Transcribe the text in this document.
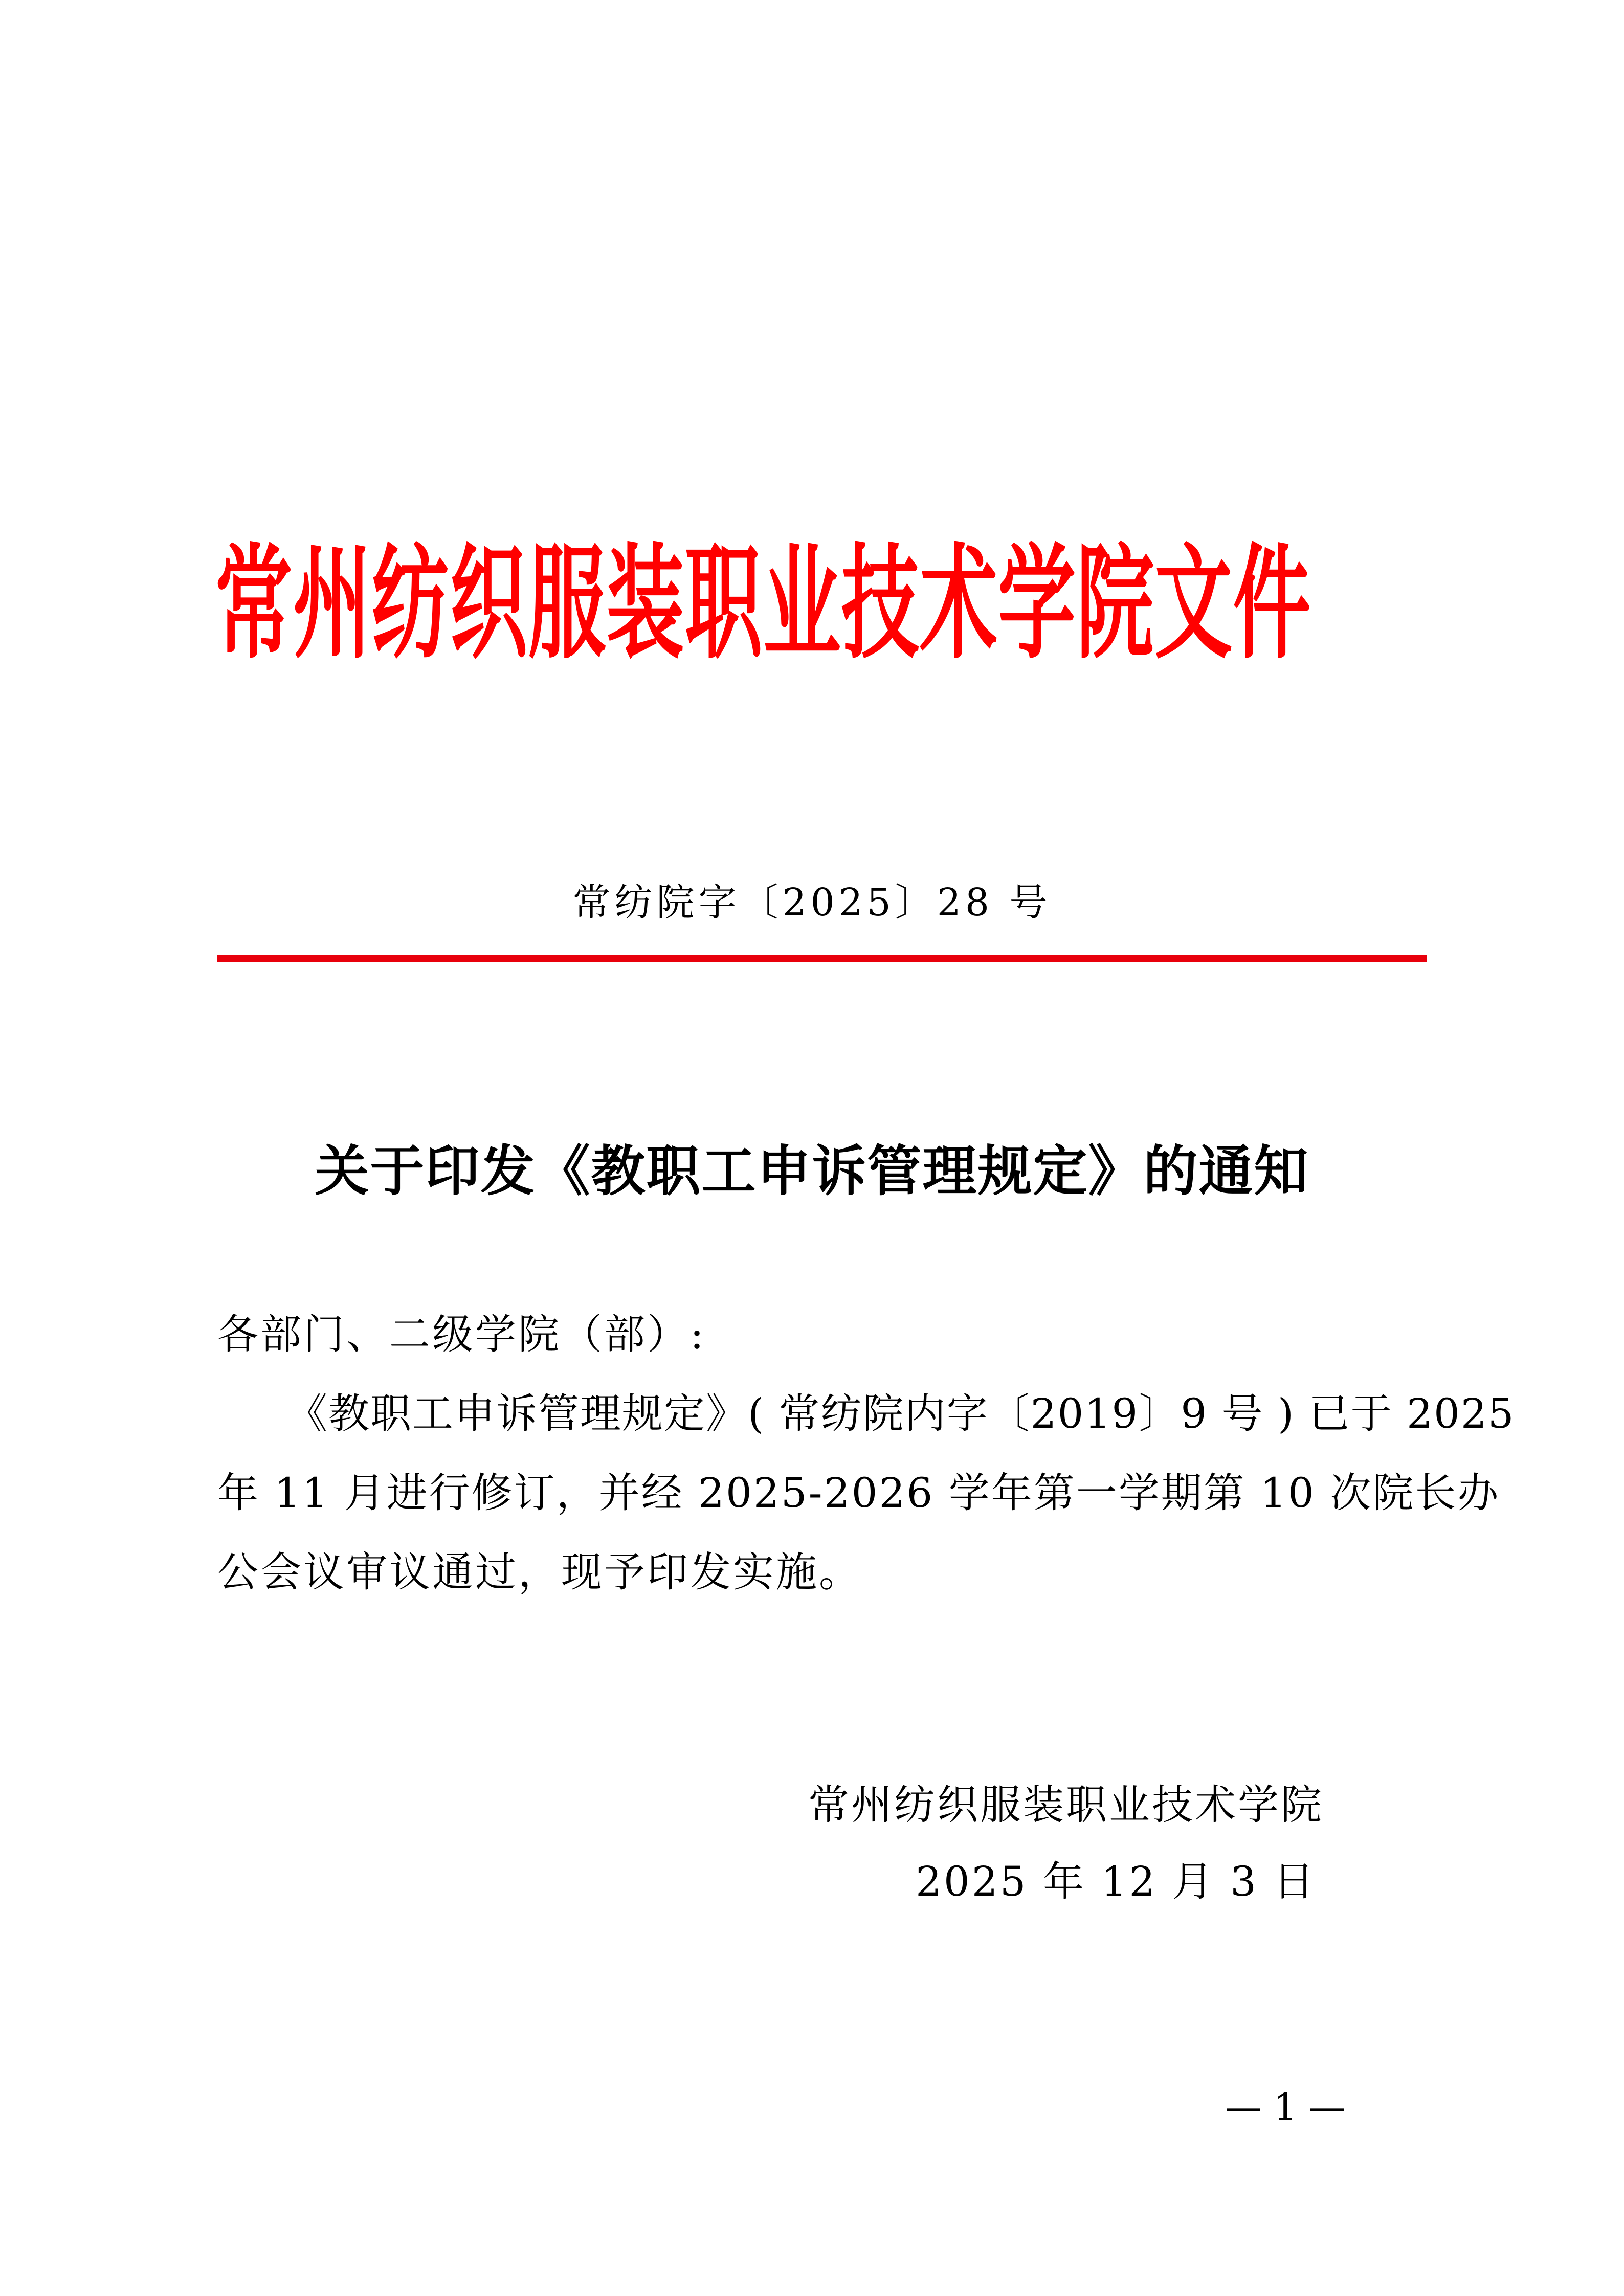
常州纺织服装职业技术学院文件
常纺院字〔2025〕28 号
关于印发《教职工申诉管理规定》的通知
各部门、二级学院（部）:
《教职工申诉管理规定》( 常纺院内字〔2019〕9 号 ) 已于 2025
年 11 月进行修订，并经 2025-2026 学年第一学期第 10 次院长办
公会议审议通过，现予印发实施。
常州纺织服装职业技术学院
2025 年 12 月 3 日
— 1 —
